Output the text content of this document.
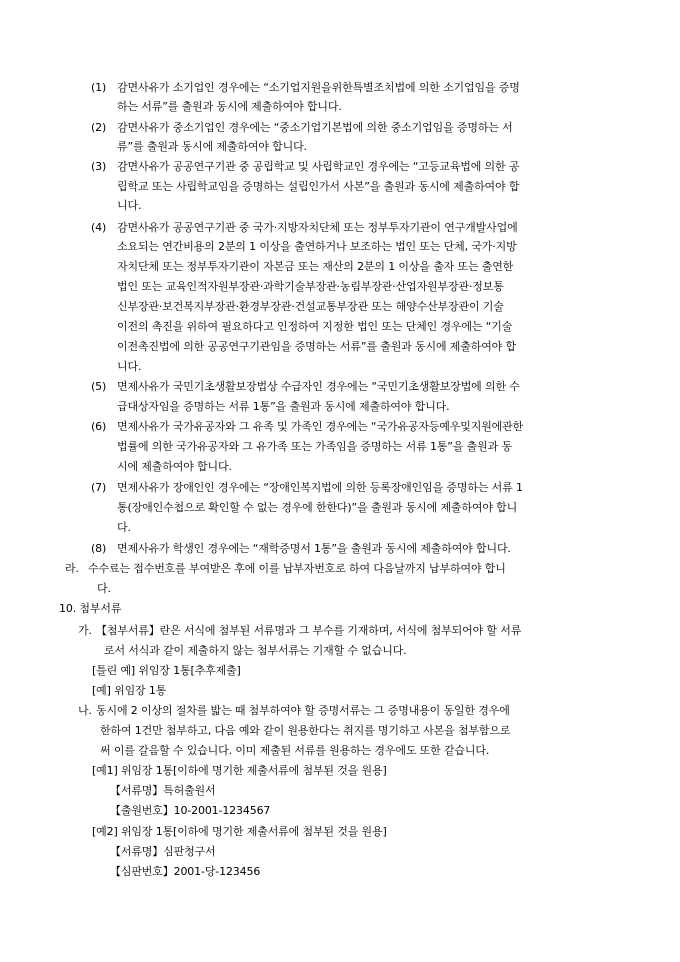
(1) 감면사유가 소기업인 경우에는 “소기업지원을위한특별조치법에 의한 소기업임을 증명
하는 서류”를 출원과 동시에 제출하여야 합니다.
(2) 감면사유가 중소기업인 경우에는 “중소기업기본법에 의한 중소기업임을 증명하는 서
류”를 출원과 동시에 제출하여야 합니다.
(3) 감면사유가 공공연구기관 중 공립학교 및 사립학교인 경우에는 “고등교육법에 의한 공
립학교 또는 사립학교임을 증명하는 설립인가서 사본”을 출원과 동시에 제출하여야 합
니다.
(4) 감면사유가 공공연구기관 중 국가·지방자치단체 또는 정부투자기관이 연구개발사업에
소요되는 연간비용의 2분의 1 이상을 출연하거나 보조하는 법인 또는 단체, 국가·지방
자치단체 또는 정부투자기관이 자본금 또는 재산의 2분의 1 이상을 출자 또는 출연한
법인 또는 교육인적자원부장관·과학기술부장관·농림부장관·산업자원부장관·정보통
신부장관·보건복지부장관·환경부장관·건설교통부장관 또는 해양수산부장관이 기술
이전의 촉진을 위하여 필요하다고 인정하여 지정한 법인 또는 단체인 경우에는 “기술
이전촉진법에 의한 공공연구기관임을 증명하는 서류”를 출원과 동시에 제출하여야 합
니다.
(5) 면제사유가 국민기초생활보장법상 수급자인 경우에는 “국민기초생활보장법에 의한 수
급대상자임을 증명하는 서류 1통”을 출원과 동시에 제출하여야 합니다.
(6) 면제사유가 국가유공자와 그 유족 및 가족인 경우에는 “국가유공자등예우및지원에관한
법률에 의한 국가유공자와 그 유가족 또는 가족임을 증명하는 서류 1통”을 출원과 동
시에 제출하여야 합니다.
(7) 면제사유가 장애인인 경우에는 “장애인복지법에 의한 등록장애인임을 증명하는 서류 1
통(장애인수첩으로 확인할 수 없는 경우에 한한다)”을 출원과 동시에 제출하여야 합니
다.
(8) 면제사유가 학생인 경우에는 “재학증명서 1통”을 출원과 동시에 제출하여야 합니다.
라. 수수료는 접수번호를 부여받은 후에 이를 납부자번호로 하여 다음날까지 납부하여야 합니
다.
10. 첨부서류
가. 【첨부서류】란은 서식에 첨부된 서류명과 그 부수를 기재하며, 서식에 첨부되어야 할 서류
로서 서식과 같이 제출하지 않는 첨부서류는 기재할 수 없습니다.
[틀린 예] 위임장 1통[추후제출]
[예] 위임장 1통
나. 동시에 2 이상의 절차를 밟는 때 첨부하여야 할 증명서류는 그 증명내용이 동일한 경우에
한하여 1건만 첨부하고, 다음 예와 같이 원용한다는 취지를 명기하고 사본을 첨부함으로
써 이를 갈음할 수 있습니다. 이미 제출된 서류를 원용하는 경우에도 또한 같습니다.
[예1] 위임장 1통[이하에 명기한 제출서류에 첨부된 것을 원용]
【서류명】특허출원서
【출원번호】10-2001-1234567
[예2] 위임장 1통[이하에 명기한 제출서류에 첨부된 것을 원용]
【서류명】심판청구서
【심판번호】2001-당-123456
